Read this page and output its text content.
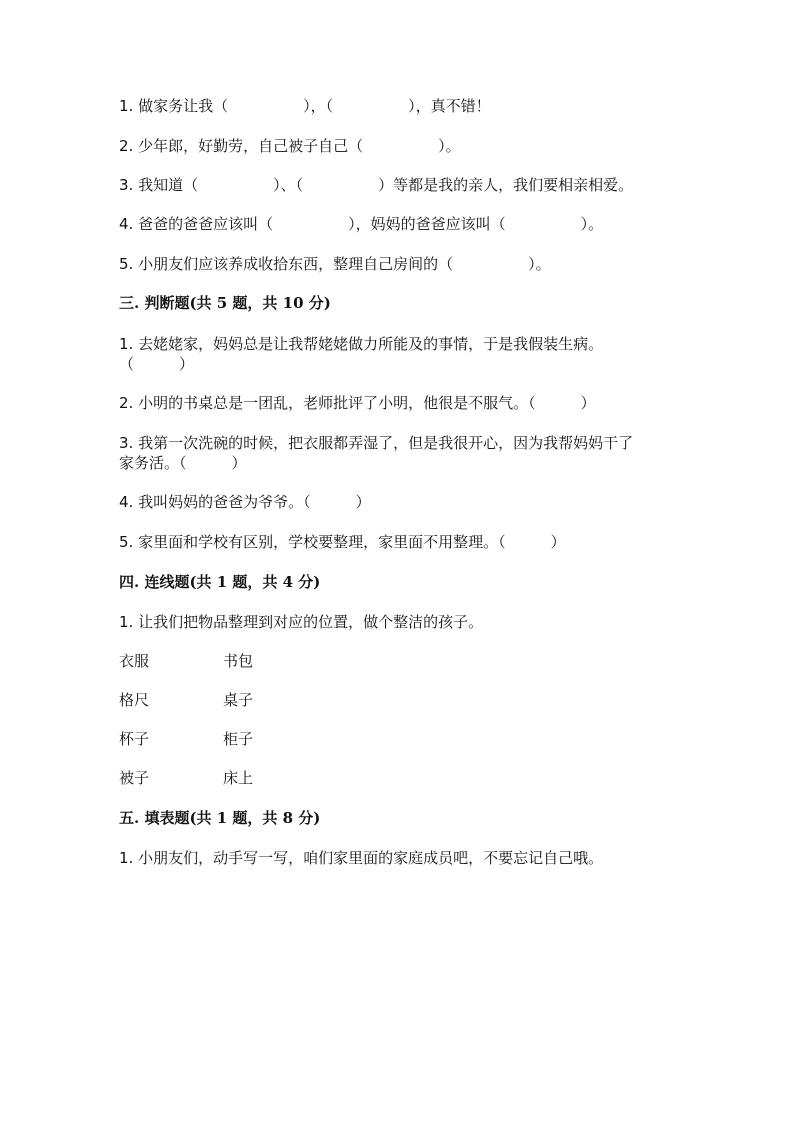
1. 做家务让我（　　　　　），（　　　　　），真不错！
2. 少年郎，好勤劳，自己被子自己（　　　　　）。
3. 我知道（　　　　　）、（　　　　　）等都是我的亲人，我们要相亲相爱。
4. 爸爸的爸爸应该叫（　　　　　），妈妈的爸爸应该叫（　　　　　）。
5. 小朋友们应该养成收拾东西，整理自己房间的（　　　　　）。
三. 判断题(共 5 题，共 10 分)
1. 去姥姥家，妈妈总是让我帮姥姥做力所能及的事情，于是我假装生病。
（　　　）
2. 小明的书桌总是一团乱，老师批评了小明，他很是不服气。（　　　）
3. 我第一次洗碗的时候，把衣服都弄湿了，但是我很开心，因为我帮妈妈干了
家务活。（　　　）
4. 我叫妈妈的爸爸为爷爷。（　　　）
5. 家里面和学校有区别，学校要整理，家里面不用整理。（　　　）
四. 连线题(共 1 题，共 4 分)
1. 让我们把物品整理到对应的位置，做个整洁的孩子。
衣服	书包
格尺	桌子
杯子	柜子
被子	床上
五. 填表题(共 1 题，共 8 分)
1. 小朋友们，动手写一写，咱们家里面的家庭成员吧，不要忘记自己哦。
